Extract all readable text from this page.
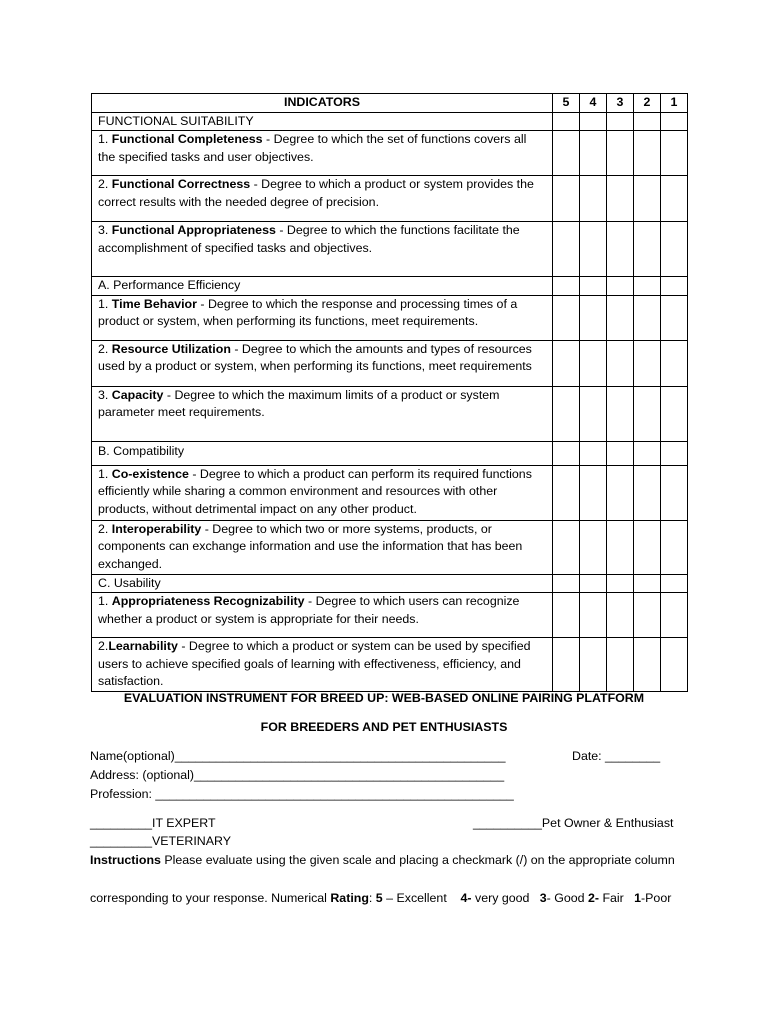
INDICATORS	5	4	3	2	1
FUNCTIONAL SUITABILITY					
1. Functional Completeness - Degree to which the set of functions covers all the specified tasks and user objectives.					
2. Functional Correctness - Degree to which a product or system provides the correct results with the needed degree of precision.					
3. Functional Appropriateness - Degree to which the functions facilitate the accomplishment of specified tasks and objectives.					
A. Performance Efficiency					
1. Time Behavior - Degree to which the response and processing times of a product or system, when performing its functions, meet requirements.					
2. Resource Utilization - Degree to which the amounts and types of resources used by a product or system, when performing its functions, meet requirements					
3. Capacity - Degree to which the maximum limits of a product or system parameter meet requirements.					
B. Compatibility					
1. Co-existence - Degree to which a product can perform its required functions efficiently while sharing a common environment and resources with other products, without detrimental impact on any other product.					
2. Interoperability - Degree to which two or more systems, products, or components can exchange information and use the information that has been exchanged.					
C. Usability					
1. Appropriateness Recognizability - Degree to which users can recognize whether a product or system is appropriate for their needs.					
2.Learnability - Degree to which a product or system can be used by specified users to achieve specified goals of learning with effectiveness, efficiency, and satisfaction.					
EVALUATION INSTRUMENT FOR BREED UP: WEB-BASED ONLINE PAIRING PLATFORM
FOR BREEDERS AND PET ENTHUSIASTS
Name(optional)________________________________________________	Date: ________
Address: (optional)_____________________________________________
Profession: ____________________________________________________
_________IT EXPERT	__________Pet Owner & Enthusiast
_________VETERINARY
Instructions Please evaluate using the given scale and placing a checkmark (/) on the appropriate column
corresponding to your response. Numerical Rating: 5 – Excellent    4- very good   3- Good 2- Fair   1-Poor
